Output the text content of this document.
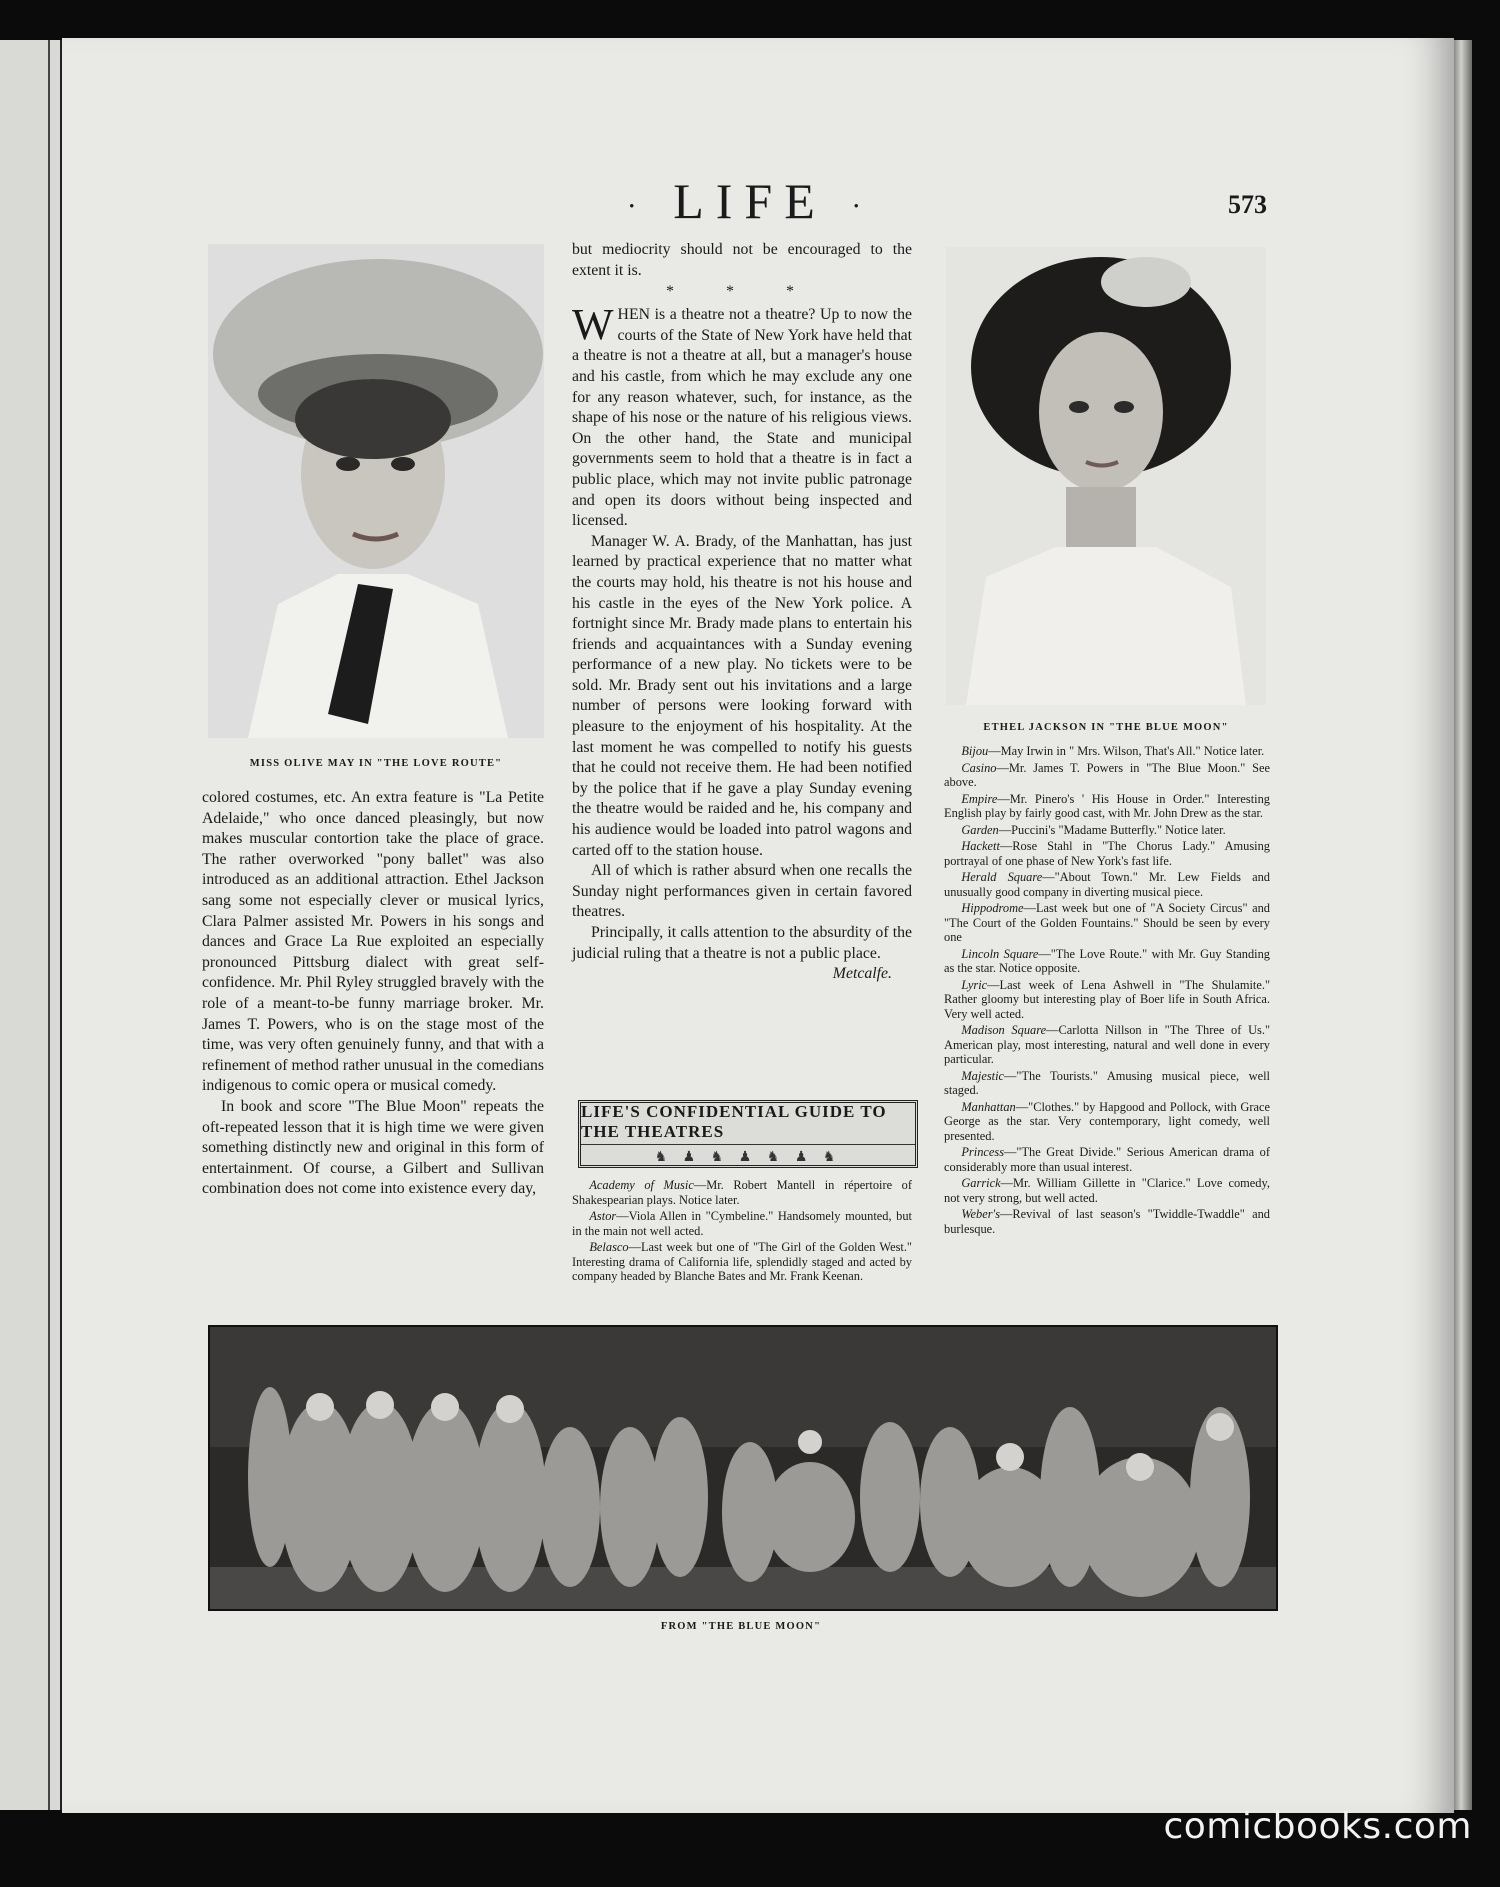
· LIFE ·	573
MISS OLIVE MAY IN "THE LOVE ROUTE"
ETHEL JACKSON IN "THE BLUE MOON"

colored costumes, etc. An extra feature is "La Petite Adelaide," who once danced pleasingly, but now makes muscular contortion take the place of grace. The rather overworked "pony ballet" was also introduced as an additional attraction. Ethel Jackson sang some not especially clever or musical lyrics, Clara Palmer assisted Mr. Powers in his songs and dances and Grace La Rue exploited an especially pronounced Pittsburg dialect with great self-confidence. Mr. Phil Ryley struggled bravely with the role of a meant-to-be funny marriage broker. Mr. James T. Powers, who is on the stage most of the time, was very often genuinely funny, and that with a refinement of method rather unusual in the comedians indigenous to comic opera or musical comedy.

In book and score "The Blue Moon" repeats the oft-repeated lesson that it is high time we were given something distinctly new and original in this form of entertainment. Of course, a Gilbert and Sullivan combination does not come into existence every day,

but mediocrity should not be encouraged to the extent it is.

* * *

WHEN is a theatre not a theatre? Up to now the courts of the State of New York have held that a theatre is not a theatre at all, but a manager's house and his castle, from which he may exclude any one for any reason whatever, such, for instance, as the shape of his nose or the nature of his religious views. On the other hand, the State and municipal governments seem to hold that a theatre is in fact a public place, which may not invite public patronage and open its doors without being inspected and licensed.

Manager W. A. Brady, of the Manhattan, has just learned by practical experience that no matter what the courts may hold, his theatre is not his house and his castle in the eyes of the New York police. A fortnight since Mr. Brady made plans to entertain his friends and acquaintances with a Sunday evening performance of a new play. No tickets were to be sold. Mr. Brady sent out his invitations and a large number of persons were looking forward with pleasure to the enjoyment of his hospitality. At the last moment he was compelled to notify his guests that he could not receive them. He had been notified by the police that if he gave a play Sunday evening the theatre would be raided and he, his company and his audience would be loaded into patrol wagons and carted off to the station house.

All of which is rather absurd when one recalls the Sunday night performances given in certain favored theatres.

Principally, it calls attention to the absurdity of the judicial ruling that a theatre is not a public place.

Metcalfe.
LIFE'S CONFIDENTIAL GUIDE TO THE THEATRES
♞ ♟ ♞ ♟ ♞ ♟ ♞
Academy of Music—Mr. Robert Mantell in répertoire of Shakespearian plays. Notice later.
Astor—Viola Allen in "Cymbeline." Handsomely mounted, but in the main not well acted.
Belasco—Last week but one of "The Girl of the Golden West." Interesting drama of California life, splendidly staged and acted by company headed by Blanche Bates and Mr. Frank Keenan.
Bijou—May Irwin in " Mrs. Wilson, That's All." Notice later.
Casino—Mr. James T. Powers in "The Blue Moon." See above.
Empire—Mr. Pinero's ' His House in Order." Interesting English play by fairly good cast, with Mr. John Drew as the star.
Garden—Puccini's "Madame Butterfly." Notice later.
Hackett—Rose Stahl in "The Chorus Lady." Amusing portrayal of one phase of New York's fast life.
Herald Square—"About Town." Mr. Lew Fields and unusually good company in diverting musical piece.
Hippodrome—Last week but one of "A Society Circus" and "The Court of the Golden Fountains." Should be seen by every one
Lincoln Square—"The Love Route." with Mr. Guy Standing as the star. Notice opposite.
Lyric—Last week of Lena Ashwell in "The Shulamite." Rather gloomy but interesting play of Boer life in South Africa. Very well acted.
Madison Square—Carlotta Nillson in "The Three of Us." American play, most interesting, natural and well done in every particular.
Majestic—"The Tourists." Amusing musical piece, well staged.
Manhattan—"Clothes." by Hapgood and Pollock, with Grace George as the star. Very contemporary, light comedy, well presented.
Princess—"The Great Divide." Serious American drama of considerably more than usual interest.
Garrick—Mr. William Gillette in "Clarice." Love comedy, not very strong, but well acted.
Weber's—Revival of last season's "Twiddle-Twaddle" and burlesque.
FROM "THE BLUE MOON"
comicbooks.com
